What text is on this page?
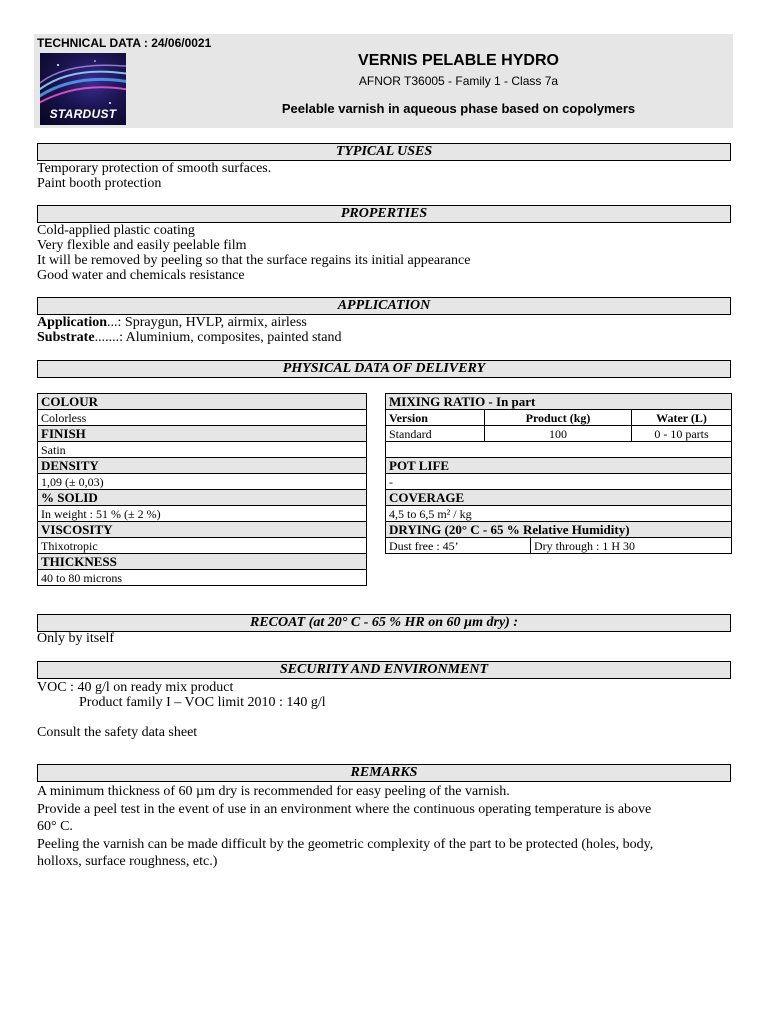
TECHNICAL DATA : 24/06/0021
STARDUST
VERNIS PELABLE HYDRO
AFNOR T36005 - Family 1 - Class 7a
Peelable varnish in aqueous phase based on copolymers
TYPICAL USES
Temporary protection of smooth surfaces.
Paint booth protection
PROPERTIES
Cold-applied plastic coating
Very flexible and easily peelable film
It will be removed by peeling so that the surface regains its initial appearance
Good water and chemicals resistance
APPLICATION
Application...: Spraygun, HVLP, airmix, airless
Substrate.......: Aluminium, composites, painted stand
PHYSICAL DATA OF DELIVERY
COLOUR
Colorless
FINISH
Satin
DENSITY
1,09 (± 0,03)
% SOLID
In weight : 51 % (± 2 %)
VISCOSITY
Thixotropic
THICKNESS
40 to 80 microns
MIXING RATIO - In part		
Version	Product (kg)	Water (L)
Standard	100	0 - 10 parts

POT LIFE		
-		
COVERAGE		
4,5 to 6,5 m² / kg		
DRYING (20° C - 65 % Relative Humidity)		
Dust free : 45’	Dry through : 1 H 30
RECOAT (at 20° C - 65 % HR on 60 µm dry) :
Only by itself
SECURITY AND ENVIRONMENT
VOC : 40 g/l on ready mix product
Product family I – VOC limit 2010 : 140 g/l
Consult the safety data sheet
REMARKS
A minimum thickness of 60 µm dry is recommended for easy peeling of the varnish.
Provide a peel test in the event of use in an environment where the continuous operating temperature is above
60° C.
Peeling the varnish can be made difficult by the geometric complexity of the part to be protected (holes, body,
holloxs, surface roughness, etc.)
